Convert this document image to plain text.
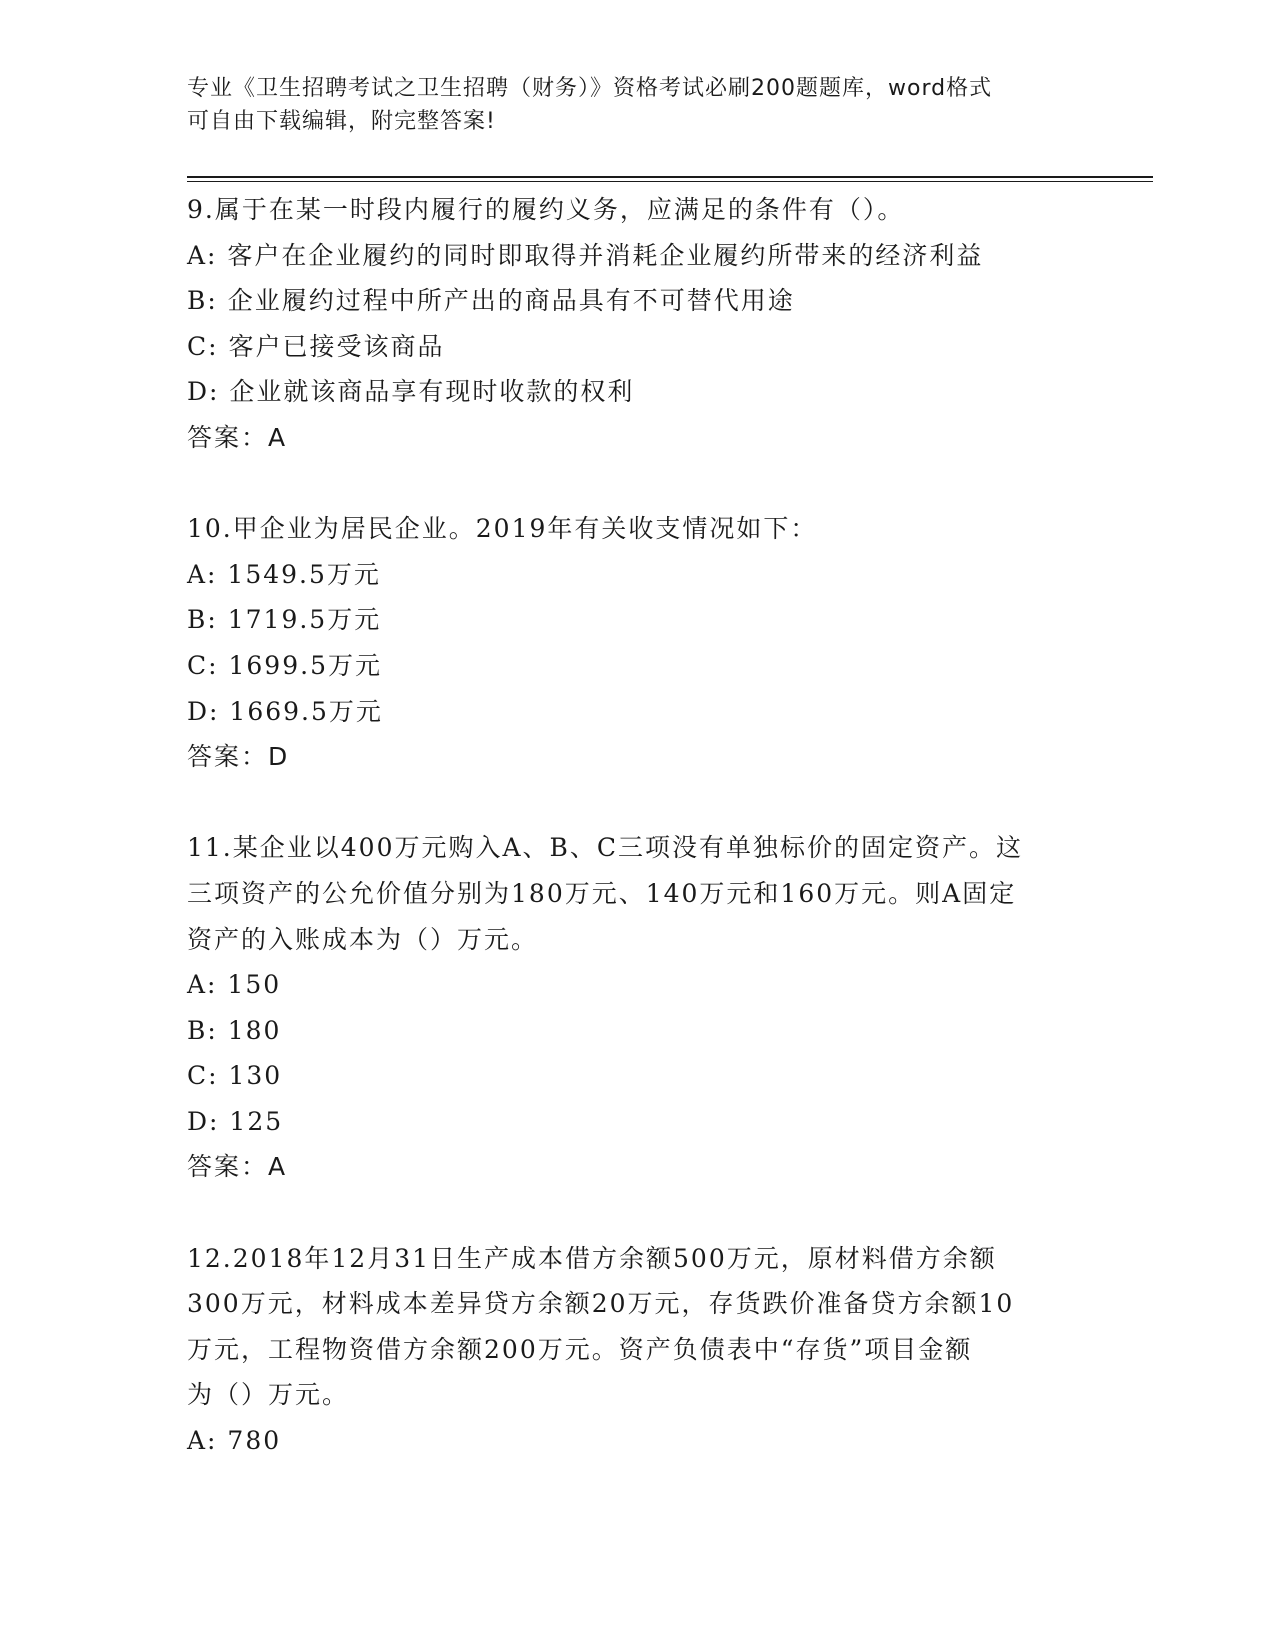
专业《卫生招聘考试之卫生招聘（财务）》资格考试必刷200题题库，word格式
可自由下载编辑，附完整答案!
9.属于在某一时段内履行的履约义务，应满足的条件有（）。
A: 客户在企业履约的同时即取得并消耗企业履约所带来的经济利益
B: 企业履约过程中所产出的商品具有不可替代用途
C: 客户已接受该商品
D: 企业就该商品享有现时收款的权利
答案：A
10.甲企业为居民企业。2019年有关收支情况如下：
A: 1549.5万元
B: 1719.5万元
C: 1699.5万元
D: 1669.5万元
答案：D
11.某企业以400万元购入A、B、C三项没有单独标价的固定资产。这
三项资产的公允价值分别为180万元、140万元和160万元。则A固定
资产的入账成本为（）万元。
A: 150
B: 180
C: 130
D: 125
答案：A
12.2018年12月31日生产成本借方余额500万元，原材料借方余额
300万元，材料成本差异贷方余额20万元，存货跌价准备贷方余额10
万元，工程物资借方余额200万元。资产负债表中“存货”项目金额
为（）万元。
A: 780
